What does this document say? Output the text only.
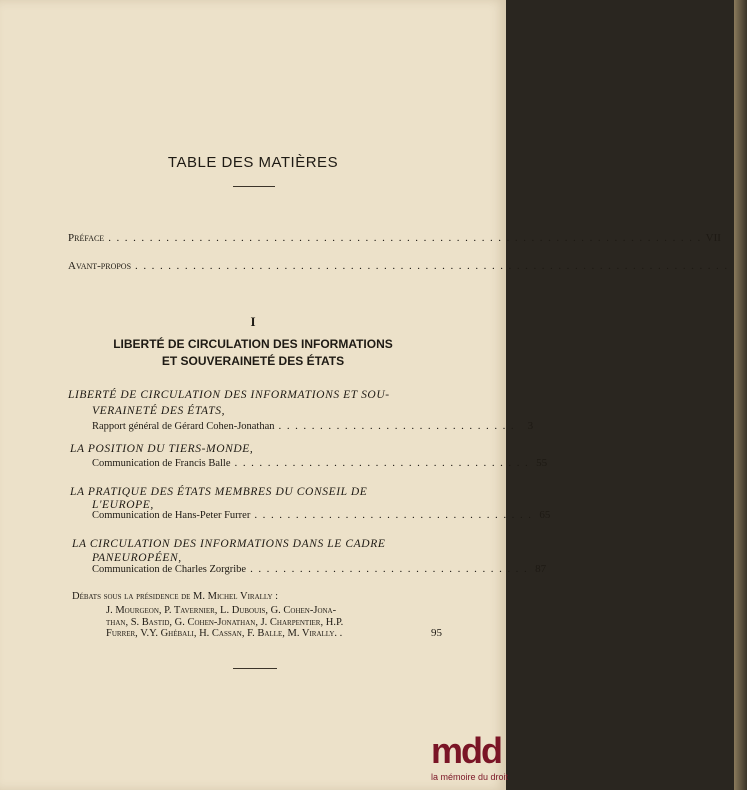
TABLE DES MATIÈRES
Préface . . . . . . . . . . . . . . . . . . . . . . . . . . . . . . . . . . . . . . . . . . . . . . . . . . . . . . . . . . . . . . . . . . . . . . . . VII
Avant-propos . . . . . . . . . . . . . . . . . . . . . . . . . . . . . . . . . . . . . . . . . . . . . . . . . . . . . . . . . . . . . . . . . . . . . . . .
I
LIBERTÉ DE CIRCULATION DES INFORMATIONS
ET SOUVERAINETÉ DES ÉTATS
LIBERTÉ DE CIRCULATION DES INFORMATIONS ET SOU-
VERAINETÉ DES ÉTATS,
Rapport général de Gérard Cohen-Jonathan . . . . . . . . . . . . . . . . . . . . . . . . . . . . .	3
LA POSITION DU TIERS-MONDE,
Communication de Francis Balle . . . . . . . . . . . . . . . . . . . . . . . . . . . . . . . . . . . . 55
LA PRATIQUE DES ÉTATS MEMBRES DU CONSEIL DE
L'EUROPE,
Communication de Hans-Peter Furrer . . . . . . . . . . . . . . . . . . . . . . . . . . . . . . . . . . 65
LA CIRCULATION DES INFORMATIONS DANS LE CADRE
PANEUROPÉEN,
Communication de Charles Zorgribe . . . . . . . . . . . . . . . . . . . . . . . . . . . . . . . . . . 87
Débats sous la présidence de M. Michel Virally :
J. Mourgeon, P. Tavernier, L. Dubouis, G. Cohen-Jona-
than, S. Bastid, G. Cohen-Jonathan, J. Charpentier, H.P.
Furrer, V.Y. Ghébali, H. Cassan, F. Balle, M. Virally. .	95
mdd
la mémoire du droit
